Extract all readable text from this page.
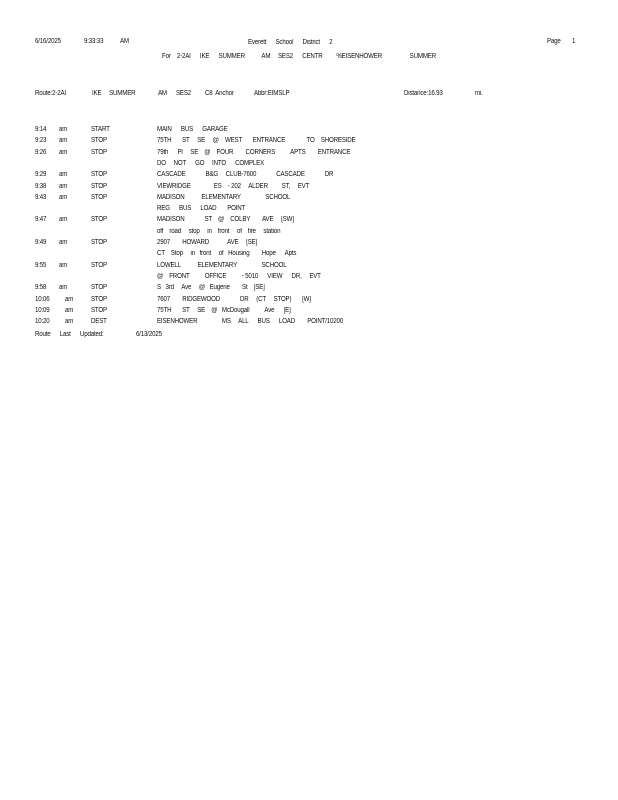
6/16/2025	9:33:33 AM	Everett      School      District      2	Page 1
For    2-2AI      IKE      SUMMER           AM     SES2      CENTR         %EISENHOWER                  SUMMER
Route:2-2AI	IKE     SUMMER	AM SES2 C8  Anchor	Abbr:EIMSLP	Distance:16.93	mi.
9:14 am	START	MAIN      BUS      GARAGE
9:23 am	STOP	75TH       ST     SE     @    WEST       ENTRANCE              TO    SHORESIDE
9:26 am	STOP	79th      Pl     SE    @    FOUR        CORNERS          APTS        ENTRANCE
DO     NOT      GO     INTO      COMPLEX
9:29 am	STOP	CASCADE             B&G     CLUB-7600             CASCADE             DR
9:38 am	STOP	VIEWRIDGE               ES    - 202     ALDER         ST,     EVT
9:43 am	STOP	MADISON           ELEMENTARY                SCHOOL
REG      BUS      LOAD       POINT
9:47 am	STOP	MADISON             ST    @    COLBY        AVE     [SW]
off    road     stop     in    front     of    fire     station
9:49 am	STOP	2907        HOWARD            AVE     [SE]
CT    Stop     in   front     of   Housing        Hope      Apts
9:55 am	STOP	LOWELL           ELEMENTARY                SCHOOL
@    FRONT          OFFICE          - 5010      VIEW      DR,     EVT
9:58 am	STOP	S   3rd     Ave     @   Eugene        St    [SE]
10:06 am	STOP	7607        RIDGEWOOD             DR     (CT     STOP)       [W]
10:09 am	STOP	75TH       ST     SE    @   McDougall          Ave      [E]
10:20 am	DEST	EISENHOWER                MS     ALL      BUS      LOAD        POINT/10200
Route      Last      Updated:	6/13/2025
